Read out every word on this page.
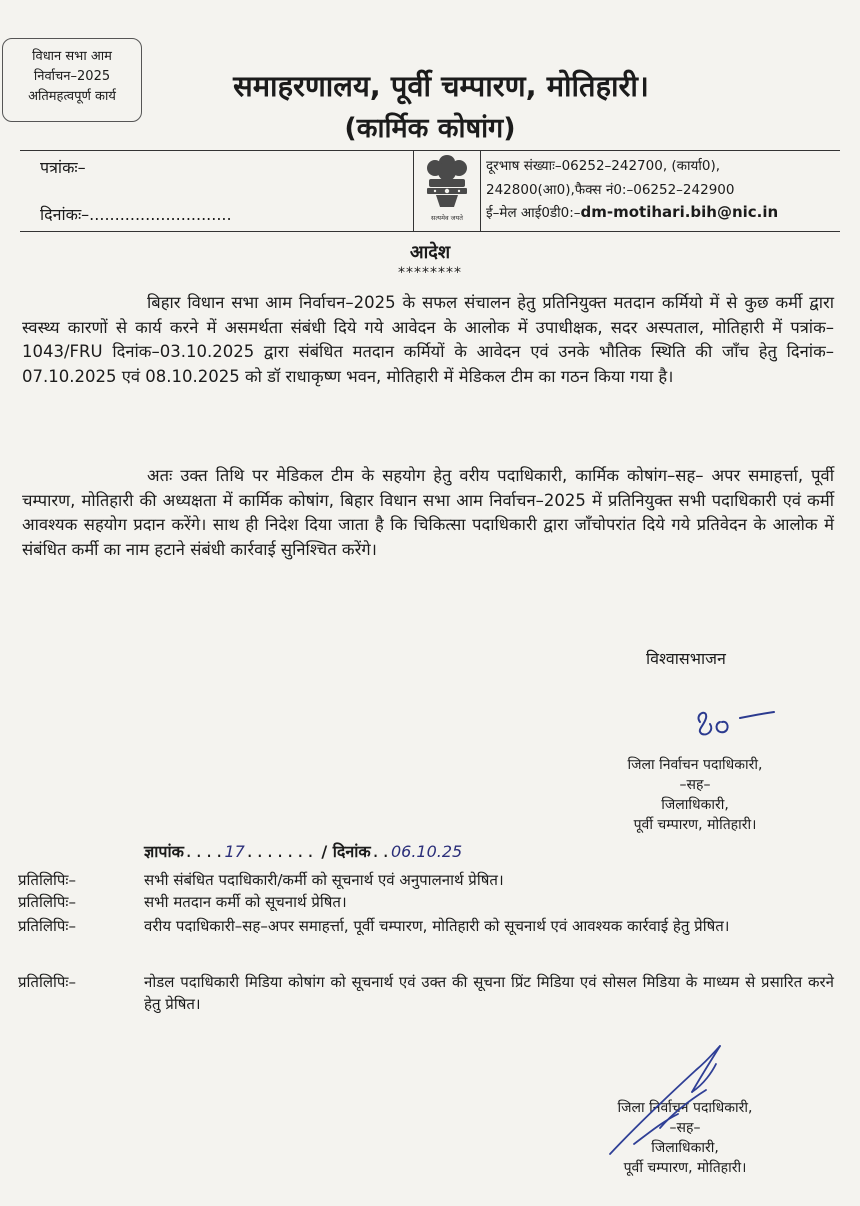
विधान सभा आम
निर्वाचन–2025
अतिमहत्वपूर्ण कार्य	समाहरणालय, पूर्वी चम्पारण, मोतिहारी।
(कार्मिक कोषांग)
पत्रांकः–
दिनांकः–............................	सत्यमेव जयते
दूरभाष संख्याः–06252–242700, (कार्या0),
242800(आ0),फैक्स नं0:–06252–242900
ई–मेल आई0डी0:–dm-motihari.bih@nic.in
आदेश
********
बिहार विधान सभा आम निर्वाचन–2025 के सफल संचालन हेतु प्रतिनियुक्त मतदान कर्मियो में से कुछ कर्मी द्वारा स्वस्थ्य कारणों से कार्य करने में असमर्थता संबंधी दिये गये आवेदन के आलोक में उपाधीक्षक, सदर अस्पताल, मोतिहारी में पत्रांक–1043/FRU दिनांक–03.10.2025 द्वारा संबंधित मतदान कर्मियों के आवेदन एवं उनके भौतिक स्थिति की जाँच हेतु दिनांक–07.10.2025 एवं 08.10.2025 को डॉ राधाकृष्ण भवन, मोतिहारी में मेडिकल टीम का गठन किया गया है।
अतः उक्त तिथि पर मेडिकल टीम के सहयोग हेतु वरीय पदाधिकारी, कार्मिक कोषांग–सह– अपर समाहर्त्ता, पूर्वी चम्पारण, मोतिहारी की अध्यक्षता में कार्मिक कोषांग, बिहार विधान सभा आम निर्वाचन–2025 में प्रतिनियुक्त सभी पदाधिकारी एवं कर्मी आवश्यक सहयोग प्रदान करेंगे। साथ ही निदेश दिया जाता है कि चिकित्सा पदाधिकारी द्वारा जाँचोपरांत दिये गये प्रतिवेदन के आलोक में संबंधित कर्मी का नाम हटाने संबंधी कार्रवाई सुनिश्चित करेंगे।
विश्वासभाजन
जिला निर्वाचन पदाधिकारी,
–सह–
जिलाधिकारी,
पूर्वी चम्पारण, मोतिहारी।
ज्ञापांक....17....... / दिनांक..06.10.25
प्रतिलिपिः–	सभी संबंधित पदाधिकारी/कर्मी को सूचनार्थ एवं अनुपालनार्थ प्रेषित।
प्रतिलिपिः–	सभी मतदान कर्मी को सूचनार्थ प्रेषित।
प्रतिलिपिः–	वरीय पदाधिकारी–सह–अपर समाहर्त्ता, पूर्वी चम्पारण, मोतिहारी को सूचनार्थ एवं आवश्यक कार्रवाई हेतु प्रेषित।
प्रतिलिपिः–	नोडल पदाधिकारी मिडिया कोषांग को सूचनार्थ एवं उक्त की सूचना प्रिंट मिडिया एवं सोसल मिडिया के माध्यम से प्रसारित करने हेतु प्रेषित।
जिला निर्वाचन पदाधिकारी,
–सह–
जिलाधिकारी,
पूर्वी चम्पारण, मोतिहारी।
